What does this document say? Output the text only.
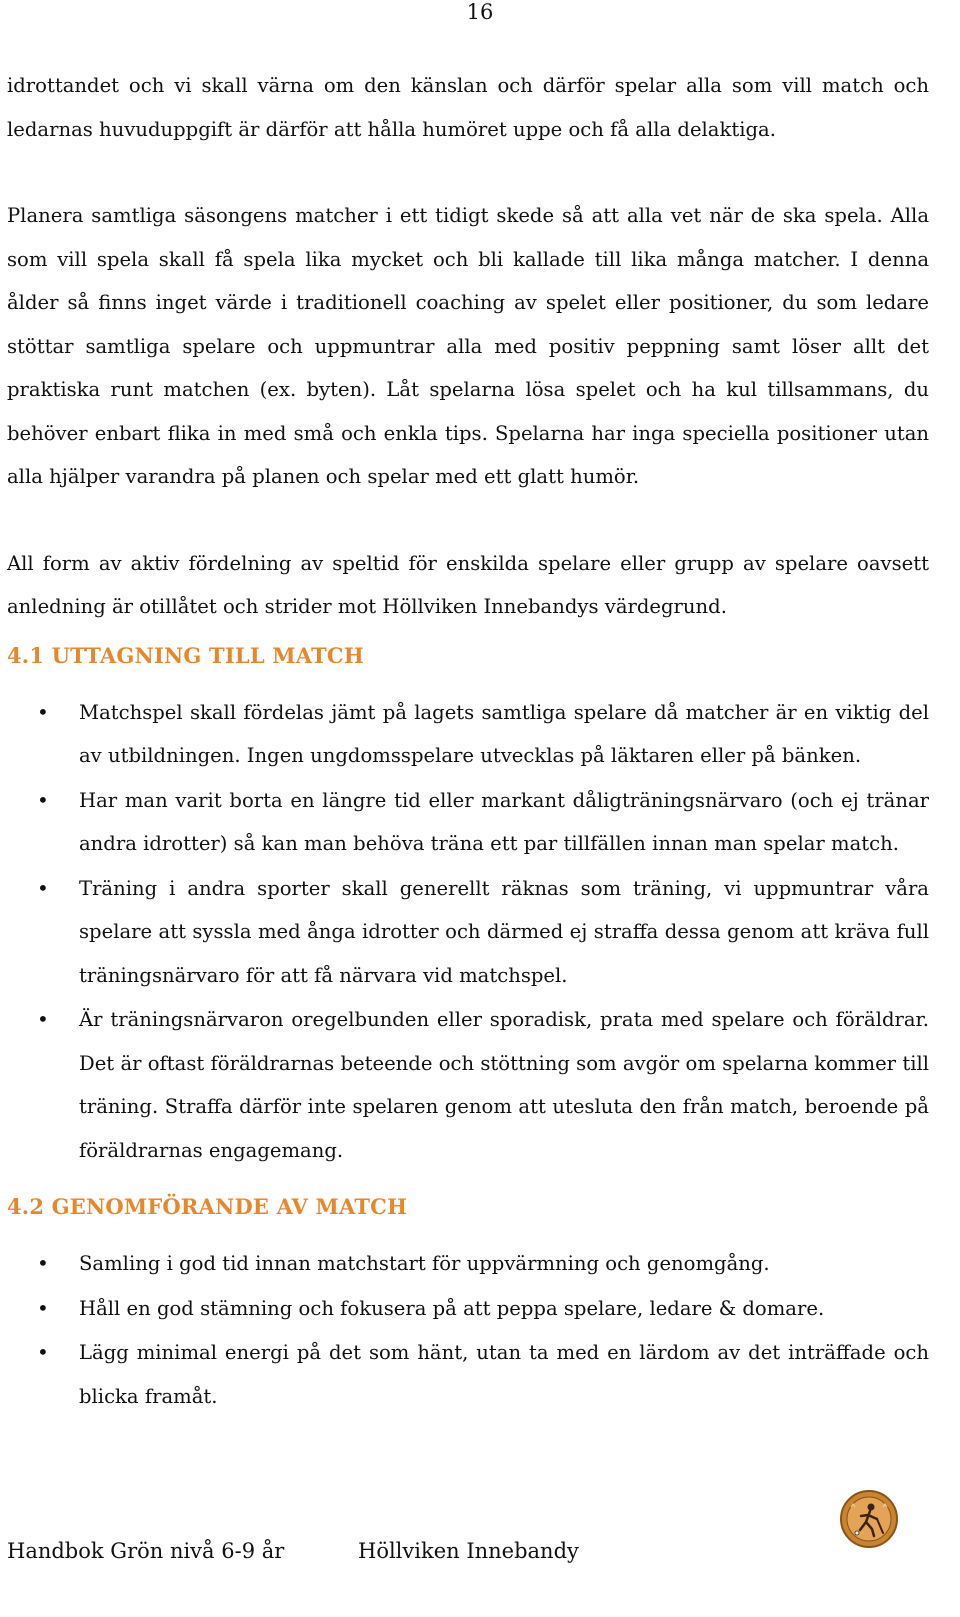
16

idrottandet och vi skall värna om den känslan och därför spelar alla som vill match och ledarnas huvuduppgift är därför att hålla humöret uppe och få alla delaktiga.

Planera samtliga säsongens matcher i ett tidigt skede så att alla vet när de ska spela. Alla som vill spela skall få spela lika mycket och bli kallade till lika många matcher. I denna ålder så finns inget värde i traditionell coaching av spelet eller positioner, du som ledare stöttar samtliga spelare och uppmuntrar alla med positiv peppning samt löser allt det praktiska runt matchen (ex. byten). Låt spelarna lösa spelet och ha kul tillsammans, du behöver enbart flika in med små och enkla tips. Spelarna har inga speciella positioner utan alla hjälper varandra på planen och spelar med ett glatt humör.

All form av aktiv fördelning av speltid för enskilda spelare eller grupp av spelare oavsett anledning är otillåtet och strider mot Höllviken Innebandys värdegrund.

4.1 UTTAGNING TILL MATCH
• Matchspel skall fördelas jämt på lagets samtliga spelare då matcher är en viktig del av utbildningen. Ingen ungdomsspelare utvecklas på läktaren eller på bänken.
• Har man varit borta en längre tid eller markant dåligträningsnärvaro (och ej tränar andra idrotter) så kan man behöva träna ett par tillfällen innan man spelar match.
• Träning i andra sporter skall generellt räknas som träning, vi uppmuntrar våra spelare att syssla med ånga idrotter och därmed ej straffa dessa genom att kräva full träningsnärvaro för att få närvara vid matchspel.
• Är träningsnärvaron oregelbunden eller sporadisk, prata med spelare och föräldrar. Det är oftast föräldrarnas beteende och stöttning som avgör om spelarna kommer till träning. Straffa därför inte spelaren genom att utesluta den från match, beroende på föräldrarnas engagemang.
4.2 GENOMFÖRANDE AV MATCH
• Samling i god tid innan matchstart för uppvärmning och genomgång.
• Håll en god stämning och fokusera på att peppa spelare, ledare & domare.
• Lägg minimal energi på det som hänt, utan ta med en lärdom av det inträffade och blicka framåt.
Handbok Grön nivå 6-9 år	Höllviken Innebandy
